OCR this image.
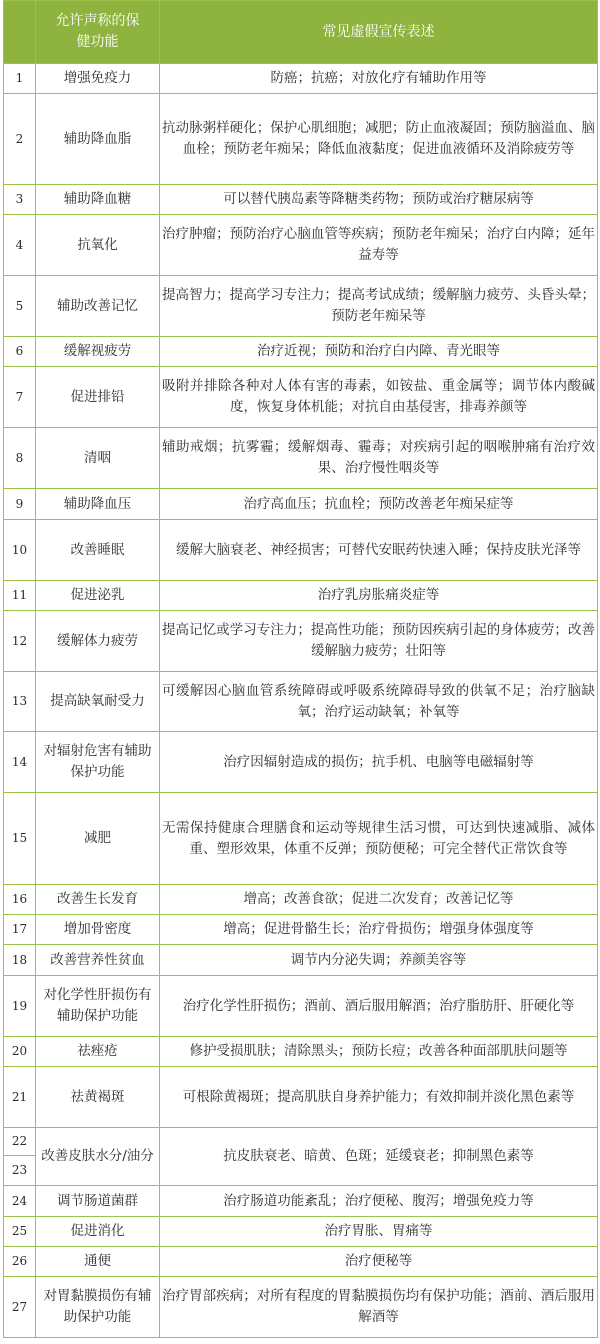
	允许声称的保健功能	常见虚假宣传表述
1	增强免疫力	防癌；抗癌；对放化疗有辅助作用等
2	辅助降血脂	抗动脉粥样硬化；保护心肌细胞；减肥；防止血液凝固；预防脑溢血、脑血栓；预防老年痴呆；降低血液黏度；促进血液循环及消除疲劳等
3	辅助降血糖	可以替代胰岛素等降糖类药物；预防或治疗糖尿病等
4	抗氧化	治疗肿瘤；预防治疗心脑血管等疾病；预防老年痴呆；治疗白内障；延年益寿等
5	辅助改善记忆	提高智力；提高学习专注力；提高考试成绩；缓解脑力疲劳、头昏头晕；预防老年痴呆等
6	缓解视疲劳	治疗近视；预防和治疗白内障、青光眼等
7	促进排铅	吸附并排除各种对人体有害的毒素，如铵盐、重金属等；调节体内酸碱度，恢复身体机能；对抗自由基侵害，排毒养颜等
8	清咽	辅助戒烟；抗雾霾；缓解烟毒、霾毒；对疾病引起的咽喉肿痛有治疗效果、治疗慢性咽炎等
9	辅助降血压	治疗高血压；抗血栓；预防改善老年痴呆症等
10	改善睡眠	缓解大脑衰老、神经损害；可替代安眠药快速入睡；保持皮肤光泽等
11	促进泌乳	治疗乳房胀痛炎症等
12	缓解体力疲劳	提高记忆或学习专注力；提高性功能；预防因疾病引起的身体疲劳；改善缓解脑力疲劳；壮阳等
13	提高缺氧耐受力	可缓解因心脑血管系统障碍或呼吸系统障碍导致的供氧不足；治疗脑缺氧；治疗运动缺氧；补氧等
14	对辐射危害有辅助保护功能	治疗因辐射造成的损伤；抗手机、电脑等电磁辐射等
15	减肥	无需保持健康合理膳食和运动等规律生活习惯，可达到快速减脂、减体重、塑形效果，体重不反弹；预防便秘；可完全替代正常饮食等
16	改善生长发育	增高；改善食欲；促进二次发育；改善记忆等
17	增加骨密度	增高；促进骨骼生长；治疗骨损伤；增强身体强度等
18	改善营养性贫血	调节内分泌失调；养颜美容等
19	对化学性肝损伤有辅助保护功能	治疗化学性肝损伤；酒前、酒后服用解酒；治疗脂肪肝、肝硬化等
20	祛痤疮	修护受损肌肤；清除黑头；预防长痘；改善各种面部肌肤问题等
21	祛黄褐斑	可根除黄褐斑；提高肌肤自身养护能力；有效抑制并淡化黑色素等
22	改善皮肤水分/油分	抗皮肤衰老、暗黄、色斑；延缓衰老；抑制黑色素等
23		
24	调节肠道菌群	治疗肠道功能紊乱；治疗便秘、腹泻；增强免疫力等
25	促进消化	治疗胃胀、胃痛等
26	通便	治疗便秘等
27	对胃黏膜损伤有辅助保护功能	治疗胃部疾病；对所有程度的胃黏膜损伤均有保护功能；酒前、酒后服用解酒等
